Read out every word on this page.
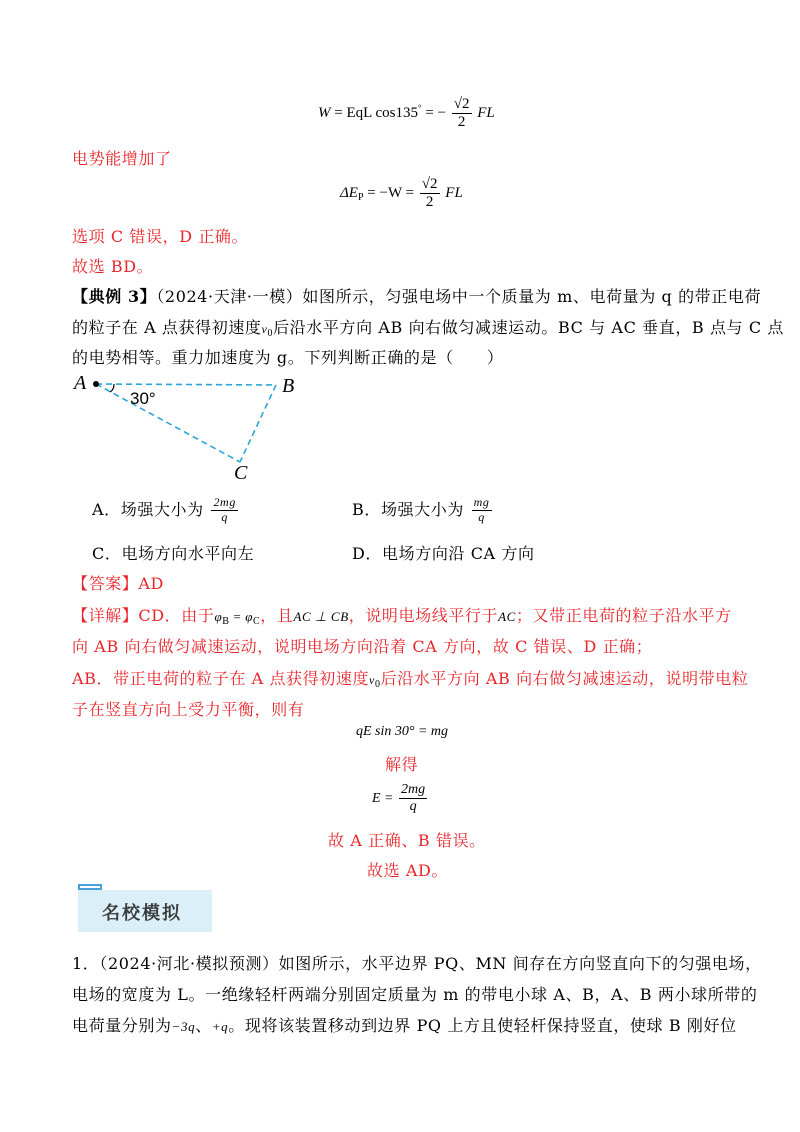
W = EqL cos135° = − $\frac{√2}{2}$ FL
电势能增加了
$\Delta E_P = -W = \frac{√2}{2}$ FL
选项 C 错误，D 正确。
故选 BD。
【典例 3】（2024·天津·一模）如图所示，匀强电场中一个质量为 m、电荷量为 q 的带正电荷
的粒子在 A 点获得初速度$v_0$后沿水平方向 AB 向右做匀减速运动。BC 与 AC 垂直，B 点与 C 点
的电势相等。重力加速度为 g。下列判断正确的是（　　）
A	B
C
30°
A．场强大小为 $\frac{2mg}{q}$	B．场强大小为 $\frac{mg}{q}$
C．电场方向水平向左	D．电场方向沿 CA 方向
【答案】AD
【详解】CD．由于$\varphi_B = \varphi_C$，且AC ⊥ CB，说明电场线平行于AC；又带正电荷的粒子沿水平方
向 AB 向右做匀减速运动，说明电场方向沿着 CA 方向，故 C 错误、D 正确；
AB．带正电荷的粒子在 A 点获得初速度$v_0$后沿水平方向 AB 向右做匀减速运动，说明带电粒
子在竖直方向上受力平衡，则有
qE sin 30° = mg
解得
$E = \frac{2mg}{q}$
故 A 正确、B 错误。
故选 AD。
名校模拟
1．（2024·河北·模拟预测）如图所示，水平边界 PQ、MN 间存在方向竖直向下的匀强电场，
电场的宽度为 L。一绝缘轻杆两端分别固定质量为 m 的带电小球 A、B，A、B 两小球所带的
电荷量分别为−3q、+q。现将该装置移动到边界 PQ 上方且使轻杆保持竖直，使球 B 刚好位
